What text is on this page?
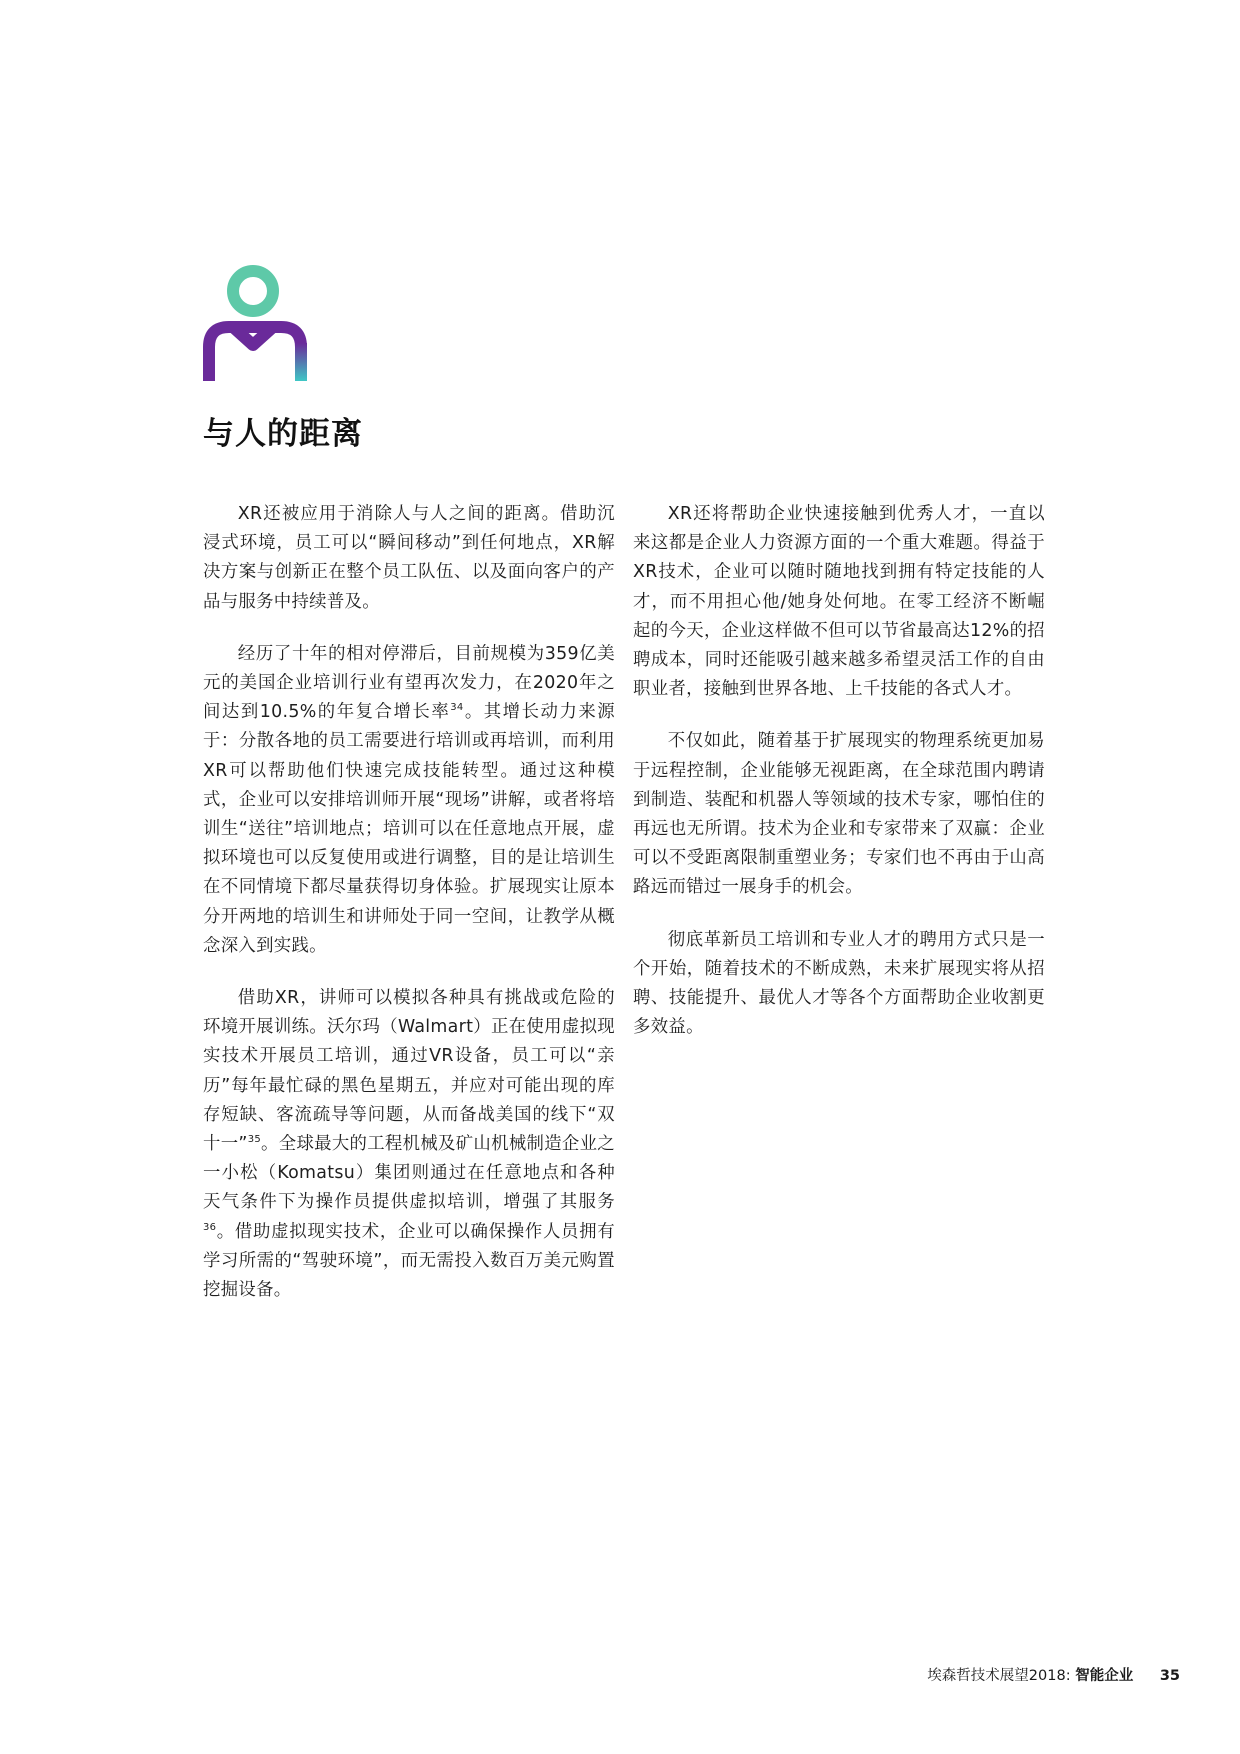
与人的距离

XR还被应用于消除人与人之间的距离。借助沉浸式环境，员工可以“瞬间移动”到任何地点，XR解决方案与创新正在整个员工队伍、以及面向客户的产品与服务中持续普及。

经历了十年的相对停滞后，目前规模为359亿美元的美国企业培训行业有望再次发力，在2020年之间达到10.5%的年复合增长率$^{34}$。其增长动力来源于：分散各地的员工需要进行培训或再培训，而利用XR可以帮助他们快速完成技能转型。通过这种模式，企业可以安排培训师开展“现场”讲解，或者将培训生“送往”培训地点；培训可以在任意地点开展，虚拟环境也可以反复使用或进行调整，目的是让培训生在不同情境下都尽量获得切身体验。扩展现实让原本分开两地的培训生和讲师处于同一空间，让教学从概念深入到实践。

借助XR，讲师可以模拟各种具有挑战或危险的环境开展训练。沃尔玛（Walmart）正在使用虚拟现实技术开展员工培训，通过VR设备，员工可以“亲历”每年最忙碌的黑色星期五，并应对可能出现的库存短缺、客流疏导等问题，从而备战美国的线下“双十一”$^{35}$。全球最大的工程机械及矿山机械制造企业之一小松（Komatsu）集团则通过在任意地点和各种天气条件下为操作员提供虚拟培训，增强了其服务$^{36}$。借助虚拟现实技术，企业可以确保操作人员拥有学习所需的“驾驶环境”，而无需投入数百万美元购置挖掘设备。

XR还将帮助企业快速接触到优秀人才，一直以来这都是企业人力资源方面的一个重大难题。得益于XR技术，企业可以随时随地找到拥有特定技能的人才，而不用担心他/她身处何地。在零工经济不断崛起的今天，企业这样做不但可以节省最高达12%的招聘成本，同时还能吸引越来越多希望灵活工作的自由职业者，接触到世界各地、上千技能的各式人才。

不仅如此，随着基于扩展现实的物理系统更加易于远程控制，企业能够无视距离，在全球范围内聘请到制造、装配和机器人等领域的技术专家，哪怕住的再远也无所谓。技术为企业和专家带来了双赢：企业可以不受距离限制重塑业务；专家们也不再由于山高路远而错过一展身手的机会。

彻底革新员工培训和专业人才的聘用方式只是一个开始，随着技术的不断成熟，未来扩展现实将从招聘、技能提升、最优人才等各个方面帮助企业收割更多效益。

埃森哲技术展望2018: 智能企业 35
